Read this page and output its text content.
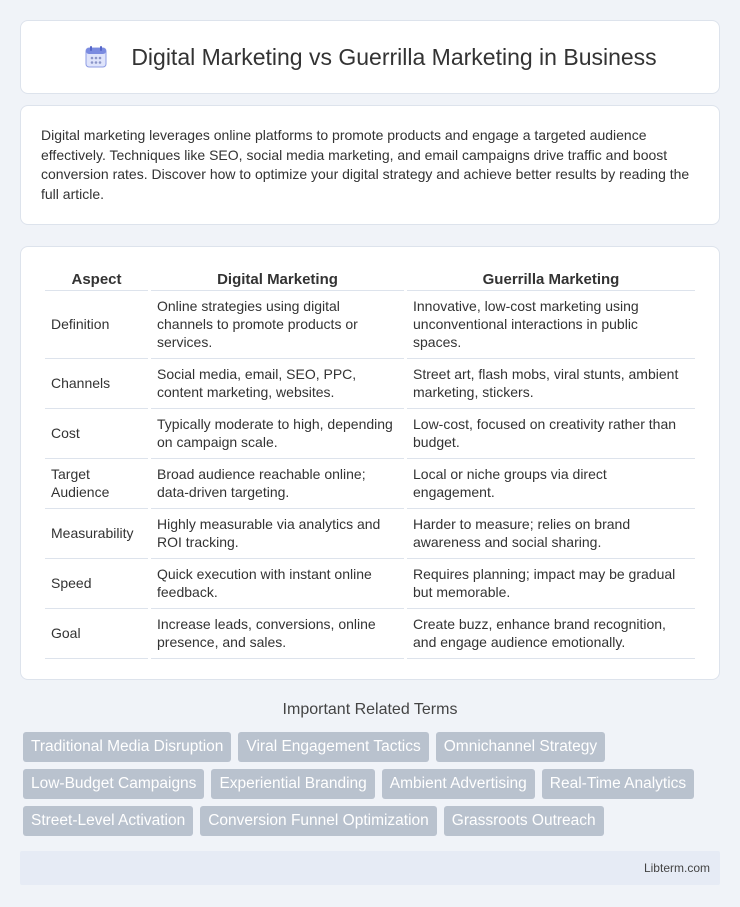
Digital Marketing vs Guerrilla Marketing in Business

Digital marketing leverages online platforms to promote products and engage a targeted audience effectively. Techniques like SEO, social media marketing, and email campaigns drive traffic and boost conversion rates. Discover how to optimize your digital strategy and achieve better results by reading the full article.

Aspect	Digital Marketing	Guerrilla Marketing
Definition	Online strategies using digital channels to promote products or services.	Innovative, low-cost marketing using unconventional interactions in public spaces.
Channels	Social media, email, SEO, PPC, content marketing, websites.	Street art, flash mobs, viral stunts, ambient marketing, stickers.
Cost	Typically moderate to high, depending on campaign scale.	Low-cost, focused on creativity rather than budget.
Target Audience	Broad audience reachable online; data-driven targeting.	Local or niche groups via direct engagement.
Measurability	Highly measurable via analytics and ROI tracking.	Harder to measure; relies on brand awareness and social sharing.
Speed	Quick execution with instant online feedback.	Requires planning; impact may be gradual but memorable.
Goal	Increase leads, conversions, online presence, and sales.	Create buzz, enhance brand recognition, and engage audience emotionally.
Important Related Terms
Traditional Media Disruption	Viral Engagement Tactics	Omnichannel Strategy
Low-Budget Campaigns	Experiential Branding	Ambient Advertising	Real-Time Analytics
Street-Level Activation	Conversion Funnel Optimization	Grassroots Outreach
Libterm.com
